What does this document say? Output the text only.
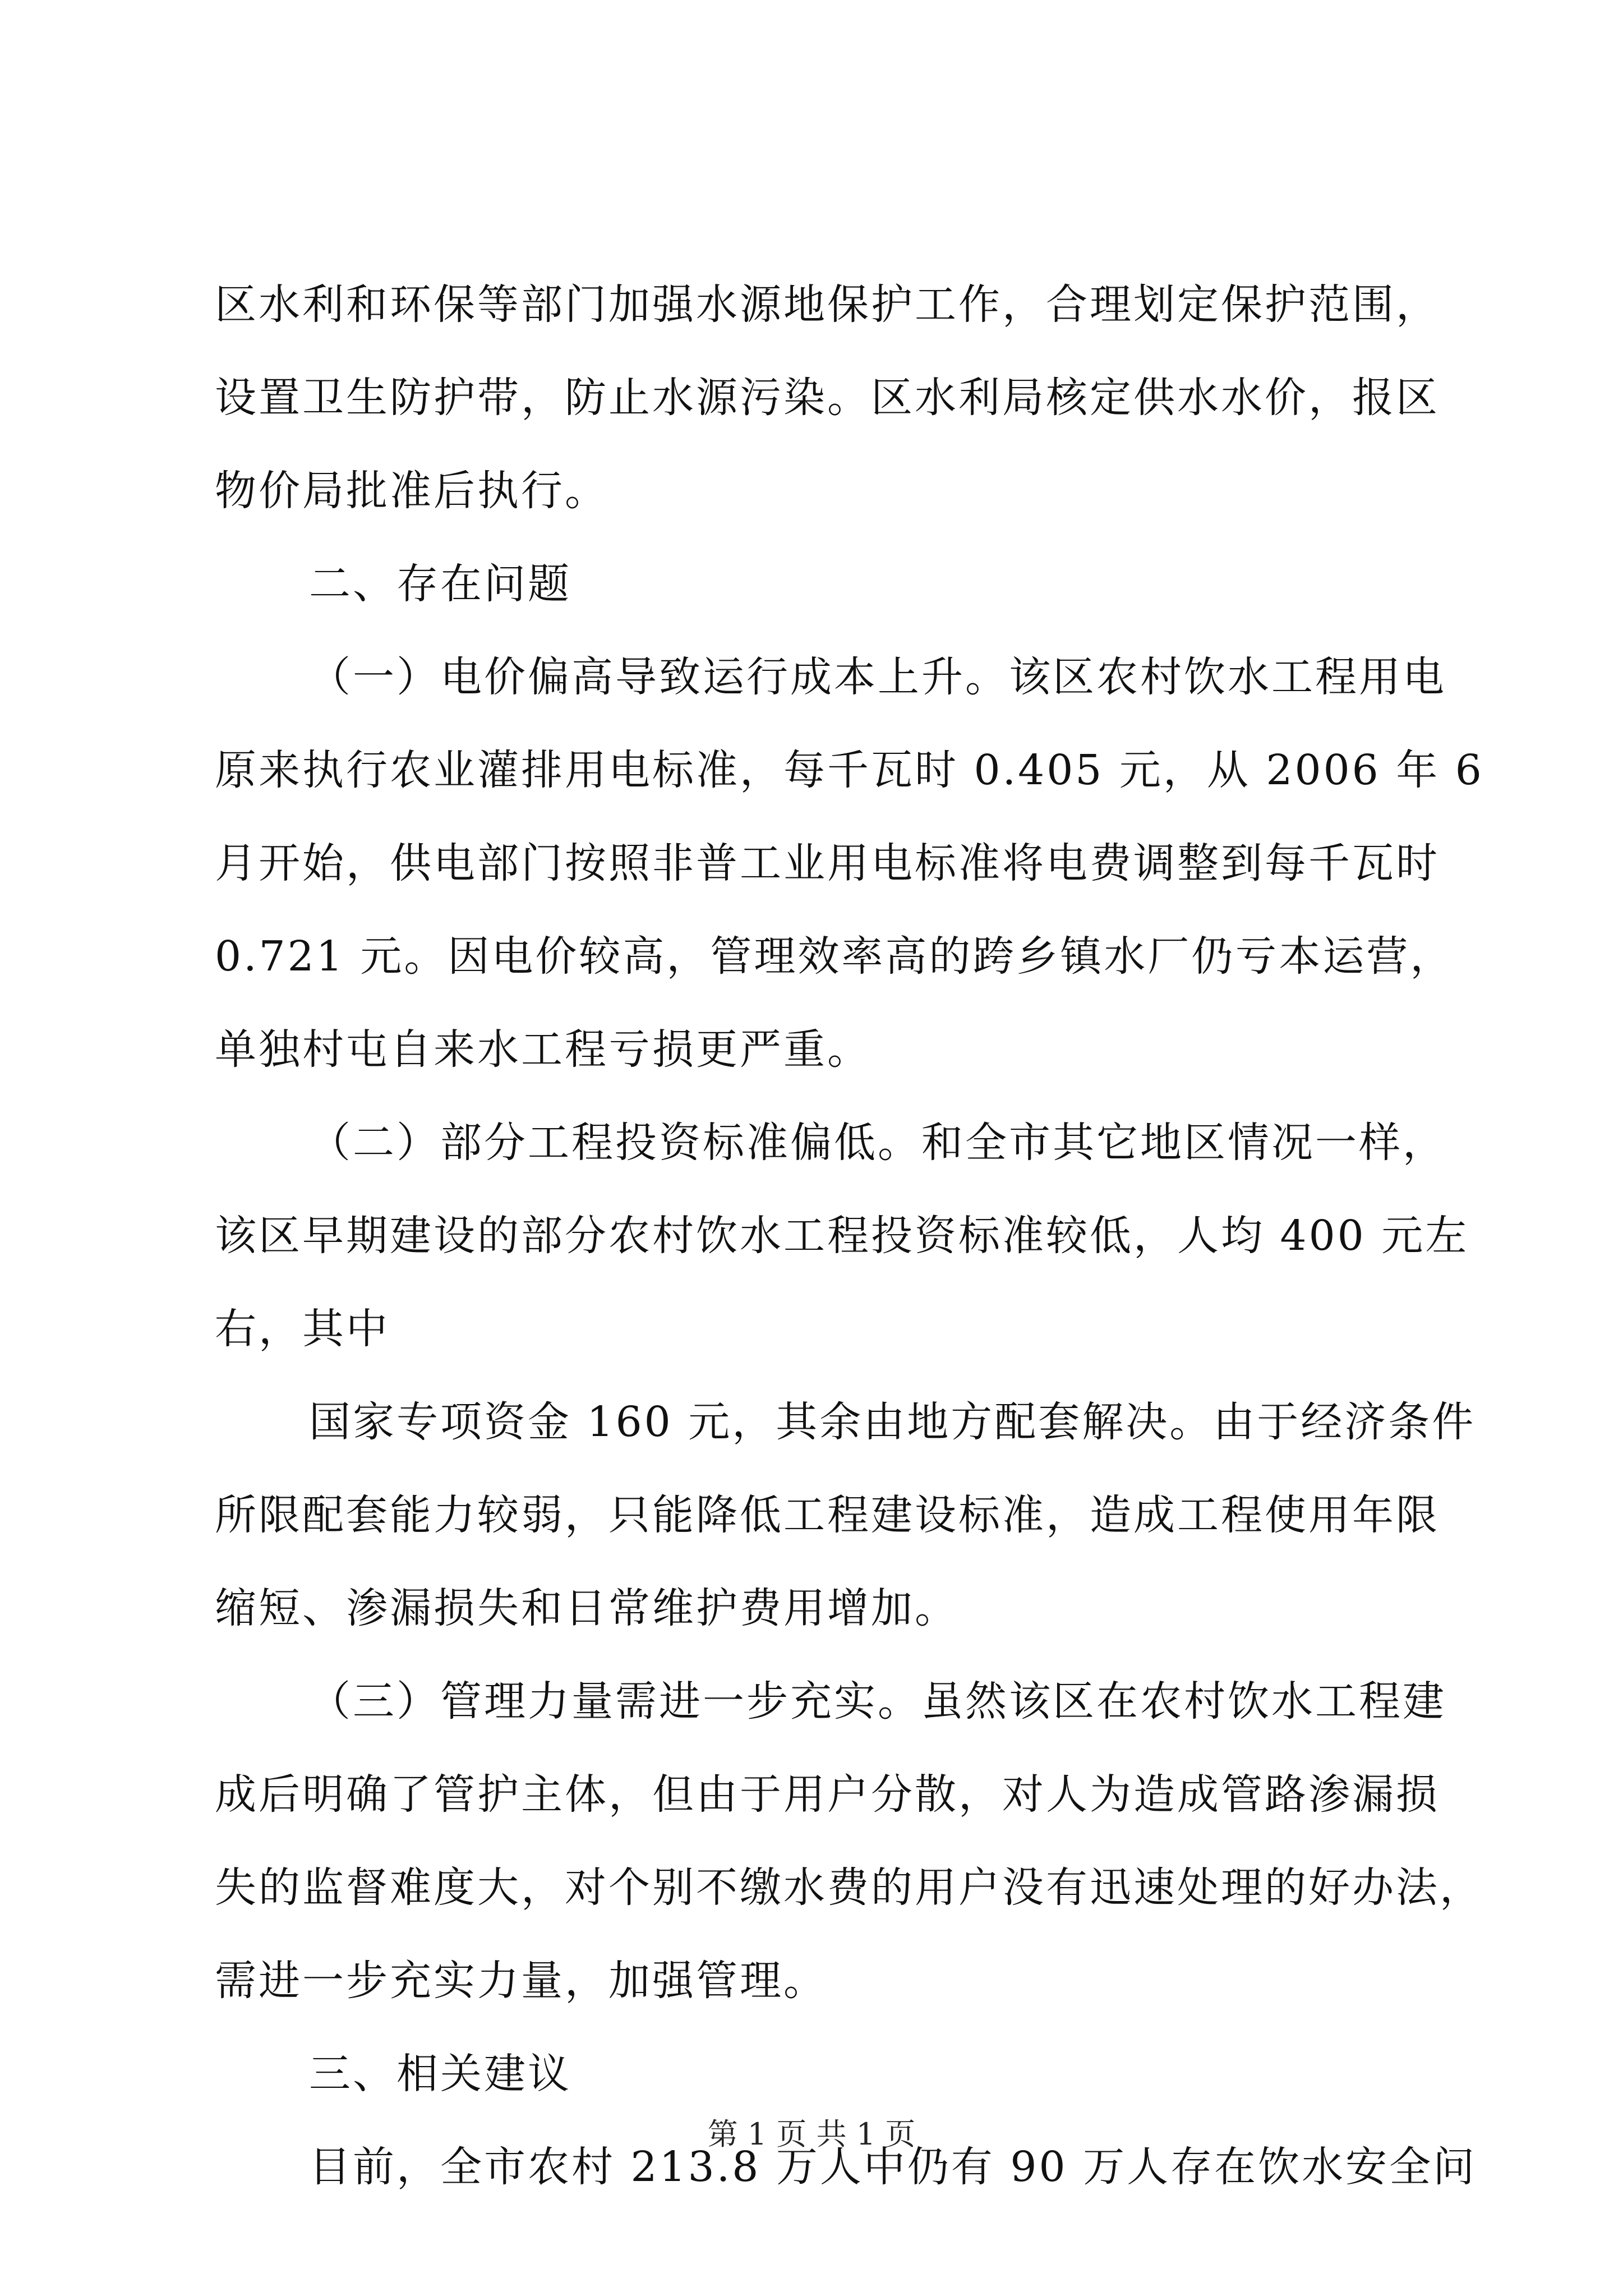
区水利和环保等部门加强水源地保护工作，合理划定保护范围，
设置卫生防护带，防止水源污染。区水利局核定供水水价，报区
物价局批准后执行。
二、存在问题
（一）电价偏高导致运行成本上升。该区农村饮水工程用电
原来执行农业灌排用电标准，每千瓦时 0.405 元，从 2006 年 6
月开始，供电部门按照非普工业用电标准将电费调整到每千瓦时
0.721 元。因电价较高，管理效率高的跨乡镇水厂仍亏本运营，
单独村屯自来水工程亏损更严重。
（二）部分工程投资标准偏低。和全市其它地区情况一样，
该区早期建设的部分农村饮水工程投资标准较低，人均 400 元左
右，其中
国家专项资金 160 元，其余由地方配套解决。由于经济条件
所限配套能力较弱，只能降低工程建设标准，造成工程使用年限
缩短、渗漏损失和日常维护费用增加。
（三）管理力量需进一步充实。虽然该区在农村饮水工程建
成后明确了管护主体，但由于用户分散，对人为造成管路渗漏损
失的监督难度大，对个别不缴水费的用户没有迅速处理的好办法，
需进一步充实力量，加强管理。
三、相关建议
目前，全市农村 213.8 万人中仍有 90 万人存在饮水安全问
第 1 页 共 1 页
